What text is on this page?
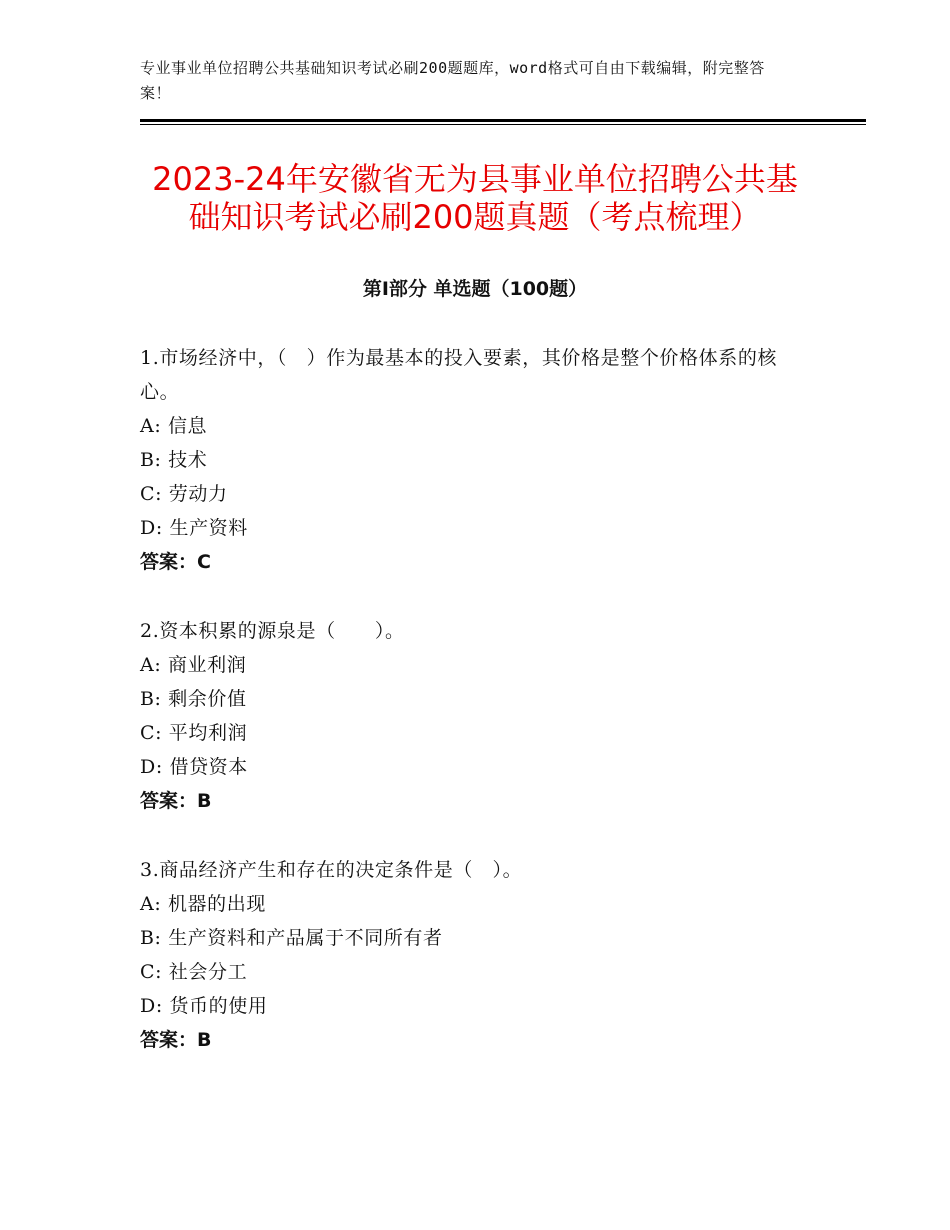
专业事业单位招聘公共基础知识考试必刷200题题库，word格式可自由下载编辑，附完整答案！
2023-24年安徽省无为县事业单位招聘公共基础知识考试必刷200题真题（考点梳理）
第Ⅰ部分 单选题（100题）

1.市场经济中，（　）作为最基本的投入要素，其价格是整个价格体系的核心。

A: 信息

B: 技术

C: 劳动力

D: 生产资料

答案：C

2.资本积累的源泉是（　　）。

A: 商业利润

B: 剩余价值

C: 平均利润

D: 借贷资本

答案：B

3.商品经济产生和存在的决定条件是（　）。

A: 机器的出现

B: 生产资料和产品属于不同所有者

C: 社会分工

D: 货币的使用

答案：B
